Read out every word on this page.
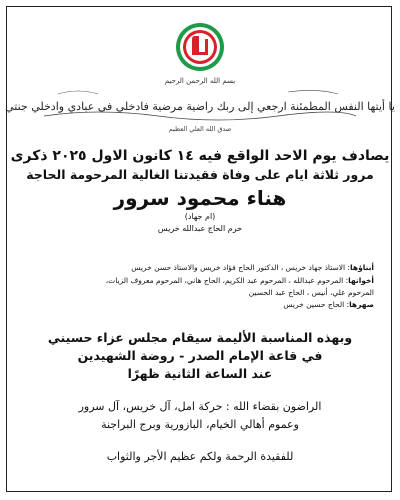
بسم الله الرحمن الرحيم
يا أيتها النفس المطمئنة ارجعي إلى ربك راضية مرضية فادخلي في عبادي وادخلي جنتي
صدق الله العلي العظيم
يصادف يوم الاحد الواقع فيه ١٤ كانون الاول ٢٠٢٥ ذكرى
مرور ثلاثة ايام على وفاة فقيدتنا الغالية المرحومة الحاجة
هناء محمود سرور
(ام جهاد)
حرم الحاج عبدالله خريس
أبناؤها: الاستاذ جهاد خريس ، الدكتور الحاج فؤاد خريس والاستاذ حسن خريس
أخوانها: المرحوم عبدالله ، المرحوم عبد الكريم، الحاج هاني، المرحوم معروف الزيات،
المرحوم علي، أنيس ، الحاج عبد الحسين
صهرها: الحاج حسين خريس
وبهذه المناسبة الأليمة سيقام مجلس عزاء حسيني
في قاعة الإمام الصدر - روضة الشهيدين
عند الساعة الثانية ظهرًا
الراضون بقضاء الله : حركة امل، آل خريس، آل سرور
وعموم أهالي الخيام، البازورية وبرج البراجنة
للفقيدة الرحمة ولكم عظيم الأجر والثواب
